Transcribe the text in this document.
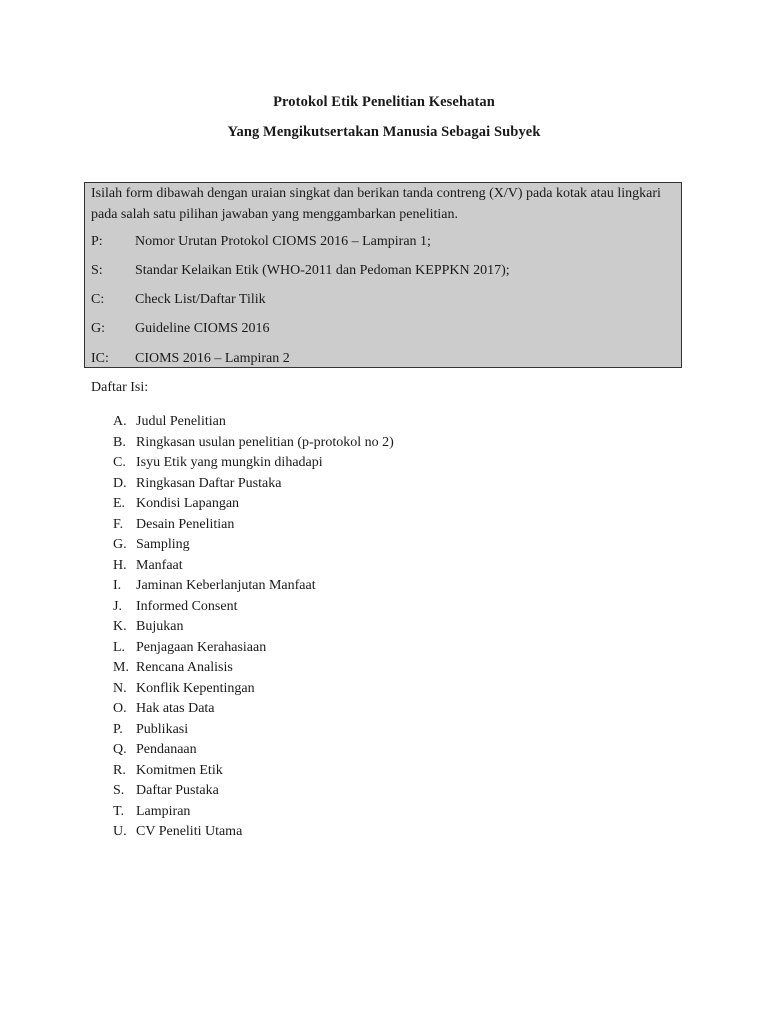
Protokol Etik Penelitian Kesehatan
Yang Mengikutsertakan Manusia Sebagai Subyek
Isilah form dibawah dengan uraian singkat dan berikan tanda contreng (X/V) pada kotak atau lingkari pada salah satu pilihan jawaban yang menggambarkan penelitian.
P: Nomor Urutan Protokol CIOMS 2016 – Lampiran 1;
S: Standar Kelaikan Etik (WHO-2011 dan Pedoman KEPPKN 2017);
C: Check List/Daftar Tilik
G: Guideline CIOMS 2016
IC: CIOMS 2016 – Lampiran 2
Daftar Isi:
A. Judul Penelitian
B. Ringkasan usulan penelitian (p-protokol no 2)
C. Isyu Etik yang mungkin dihadapi
D. Ringkasan Daftar Pustaka
E. Kondisi Lapangan
F. Desain Penelitian
G. Sampling
H. Manfaat
I. Jaminan Keberlanjutan Manfaat
J. Informed Consent
K. Bujukan
L. Penjagaan Kerahasiaan
M. Rencana Analisis
N. Konflik Kepentingan
O. Hak atas Data
P. Publikasi
Q. Pendanaan
R. Komitmen Etik
S. Daftar Pustaka
T. Lampiran
U. CV Peneliti Utama
